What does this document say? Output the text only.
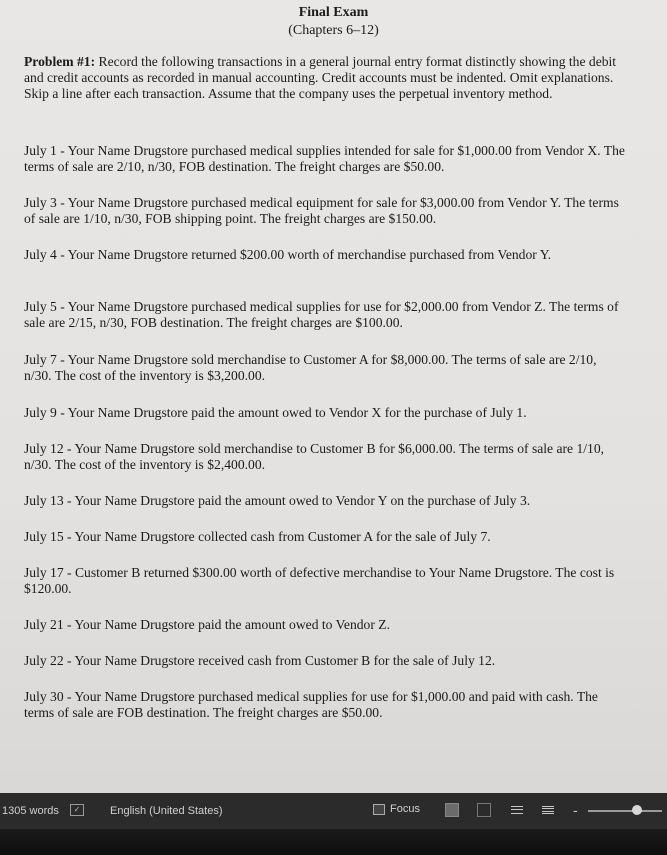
Final Exam
(Chapters 6–12)
Problem #1: Record the following transactions in a general journal entry format distinctly showing the debit and credit accounts as recorded in manual accounting. Credit accounts must be indented. Omit explanations. Skip a line after each transaction. Assume that the company uses the perpetual inventory method.
July 1 - Your Name Drugstore purchased medical supplies intended for sale for $1,000.00 from Vendor X. The terms of sale are 2/10, n/30, FOB destination. The freight charges are $50.00.
July 3 - Your Name Drugstore purchased medical equipment for sale for $3,000.00 from Vendor Y. The terms of sale are 1/10, n/30, FOB shipping point. The freight charges are $150.00.
July 4 - Your Name Drugstore returned $200.00 worth of merchandise purchased from Vendor Y.
July 5 - Your Name Drugstore purchased medical supplies for use for $2,000.00 from Vendor Z. The terms of sale are 2/15, n/30, FOB destination. The freight charges are $100.00.
July 7 - Your Name Drugstore sold merchandise to Customer A for $8,000.00. The terms of sale are 2/10, n/30. The cost of the inventory is $3,200.00.
July 9 - Your Name Drugstore paid the amount owed to Vendor X for the purchase of July 1.
July 12 - Your Name Drugstore sold merchandise to Customer B for $6,000.00. The terms of sale are 1/10, n/30. The cost of the inventory is $2,400.00.
July 13 - Your Name Drugstore paid the amount owed to Vendor Y on the purchase of July 3.
July 15 - Your Name Drugstore collected cash from Customer A for the sale of July 7.
July 17 - Customer B returned $300.00 worth of defective merchandise to Your Name Drugstore. The cost is $120.00.
July 21 - Your Name Drugstore paid the amount owed to Vendor Z.
July 22 - Your Name Drugstore received cash from Customer B for the sale of July 12.
July 30 - Your Name Drugstore purchased medical supplies for use for $1,000.00 and paid with cash. The terms of sale are FOB destination. The freight charges are $50.00.
1305 words	✓	English (United States)	Focus	-
